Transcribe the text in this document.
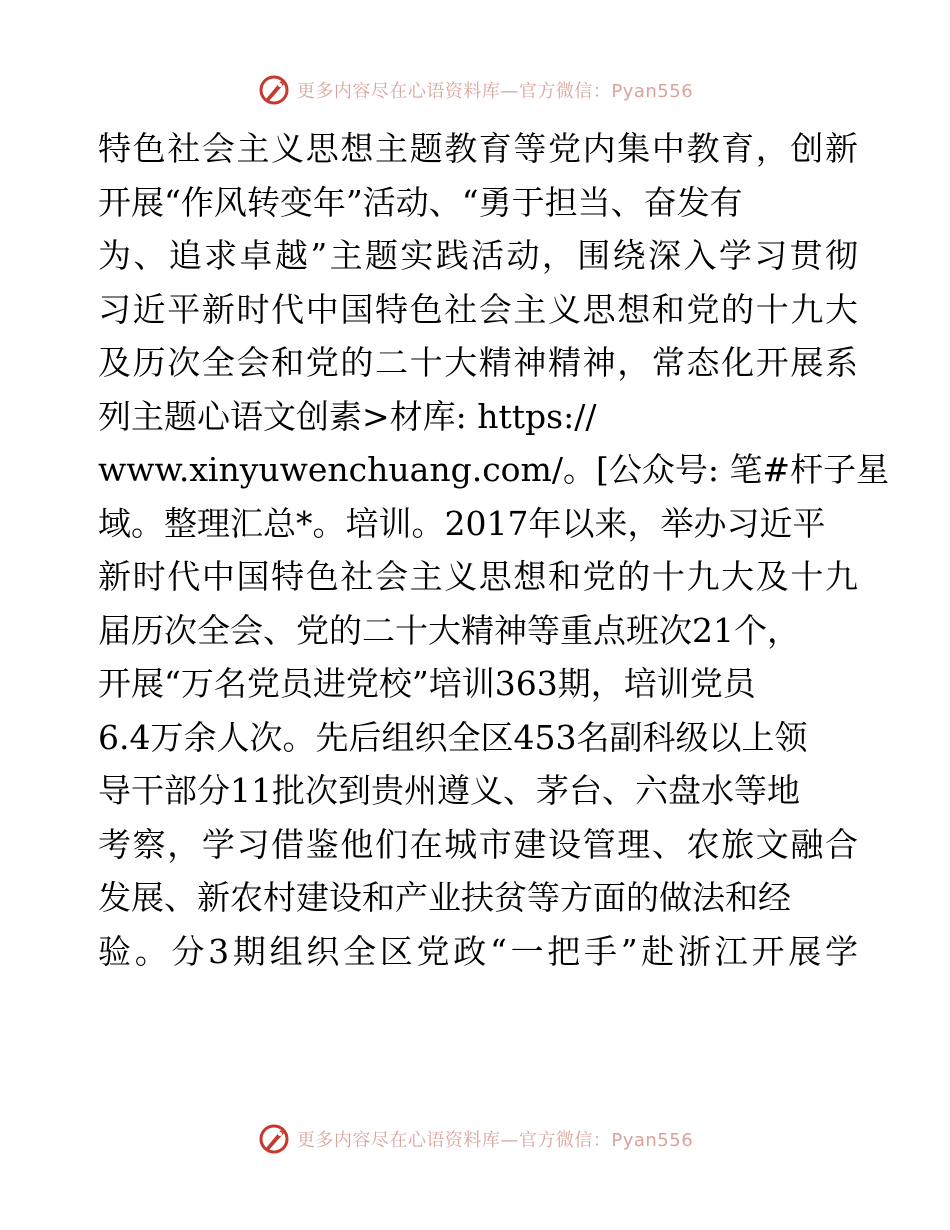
更多内容尽在心语资料库—官方微信：Pyan556
特色社会主义思想主题教育等党内集中教育，创新
开展“作风转变年”活动、“勇于担当、奋发有
为、追求卓越”主题实践活动，围绕深入学习贯彻
习近平新时代中国特色社会主义思想和党的十九大
及历次全会和党的二十大精神精神，常态化开展系
列主题心语文创素>材库: https://
www.xinyuwenchuang.com/。[公众号: 笔#杆子星
域。整理汇总*。培训。2017年以来，举办习近平
新时代中国特色社会主义思想和党的十九大及十九
届历次全会、党的二十大精神等重点班次21个，
开展“万名党员进党校”培训363期，培训党员
6.4万余人次。先后组织全区453名副科级以上领
导干部分11批次到贵州遵义、茅台、六盘水等地
考察，学习借鉴他们在城市建设管理、农旅文融合
发展、新农村建设和产业扶贫等方面的做法和经
验。分3期组织全区党政“一把手”赴浙江开展学
更多内容尽在心语资料库—官方微信：Pyan556
